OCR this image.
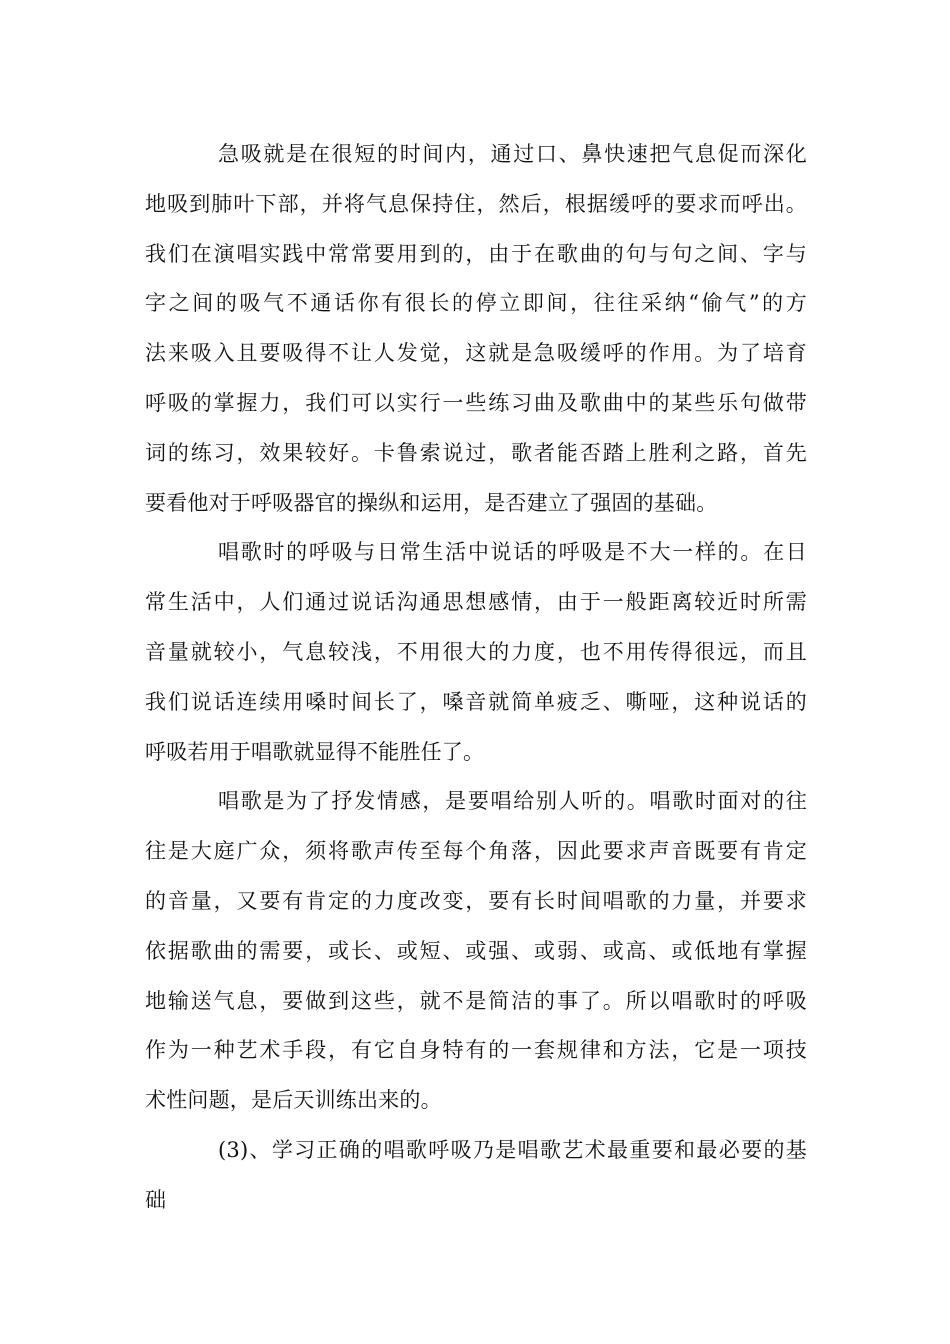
急吸就是在很短的时间内，通过口、鼻快速把气息促而深化
地吸到肺叶下部，并将气息保持住，然后，根据缓呼的要求而呼出。
我们在演唱实践中常常要用到的，由于在歌曲的句与句之间、字与
字之间的吸气不通话你有很长的停立即间，往往采纳“偷气”的方
法来吸入且要吸得不让人发觉，这就是急吸缓呼的作用。为了培育
呼吸的掌握力，我们可以实行一些练习曲及歌曲中的某些乐句做带
词的练习，效果较好。卡鲁索说过，歌者能否踏上胜利之路，首先
要看他对于呼吸器官的操纵和运用，是否建立了强固的基础。
唱歌时的呼吸与日常生活中说话的呼吸是不大一样的。在日
常生活中，人们通过说话沟通思想感情，由于一般距离较近时所需
音量就较小，气息较浅，不用很大的力度，也不用传得很远，而且
我们说话连续用嗓时间长了，嗓音就简单疲乏、嘶哑，这种说话的
呼吸若用于唱歌就显得不能胜任了。
唱歌是为了抒发情感，是要唱给别人听的。唱歌时面对的往
往是大庭广众，须将歌声传至每个角落，因此要求声音既要有肯定
的音量，又要有肯定的力度改变，要有长时间唱歌的力量，并要求
依据歌曲的需要，或长、或短、或强、或弱、或高、或低地有掌握
地输送气息，要做到这些，就不是简洁的事了。所以唱歌时的呼吸
作为一种艺术手段，有它自身特有的一套规律和方法，它是一项技
术性问题，是后天训练出来的。
(3)、学习正确的唱歌呼吸乃是唱歌艺术最重要和最必要的基
础
